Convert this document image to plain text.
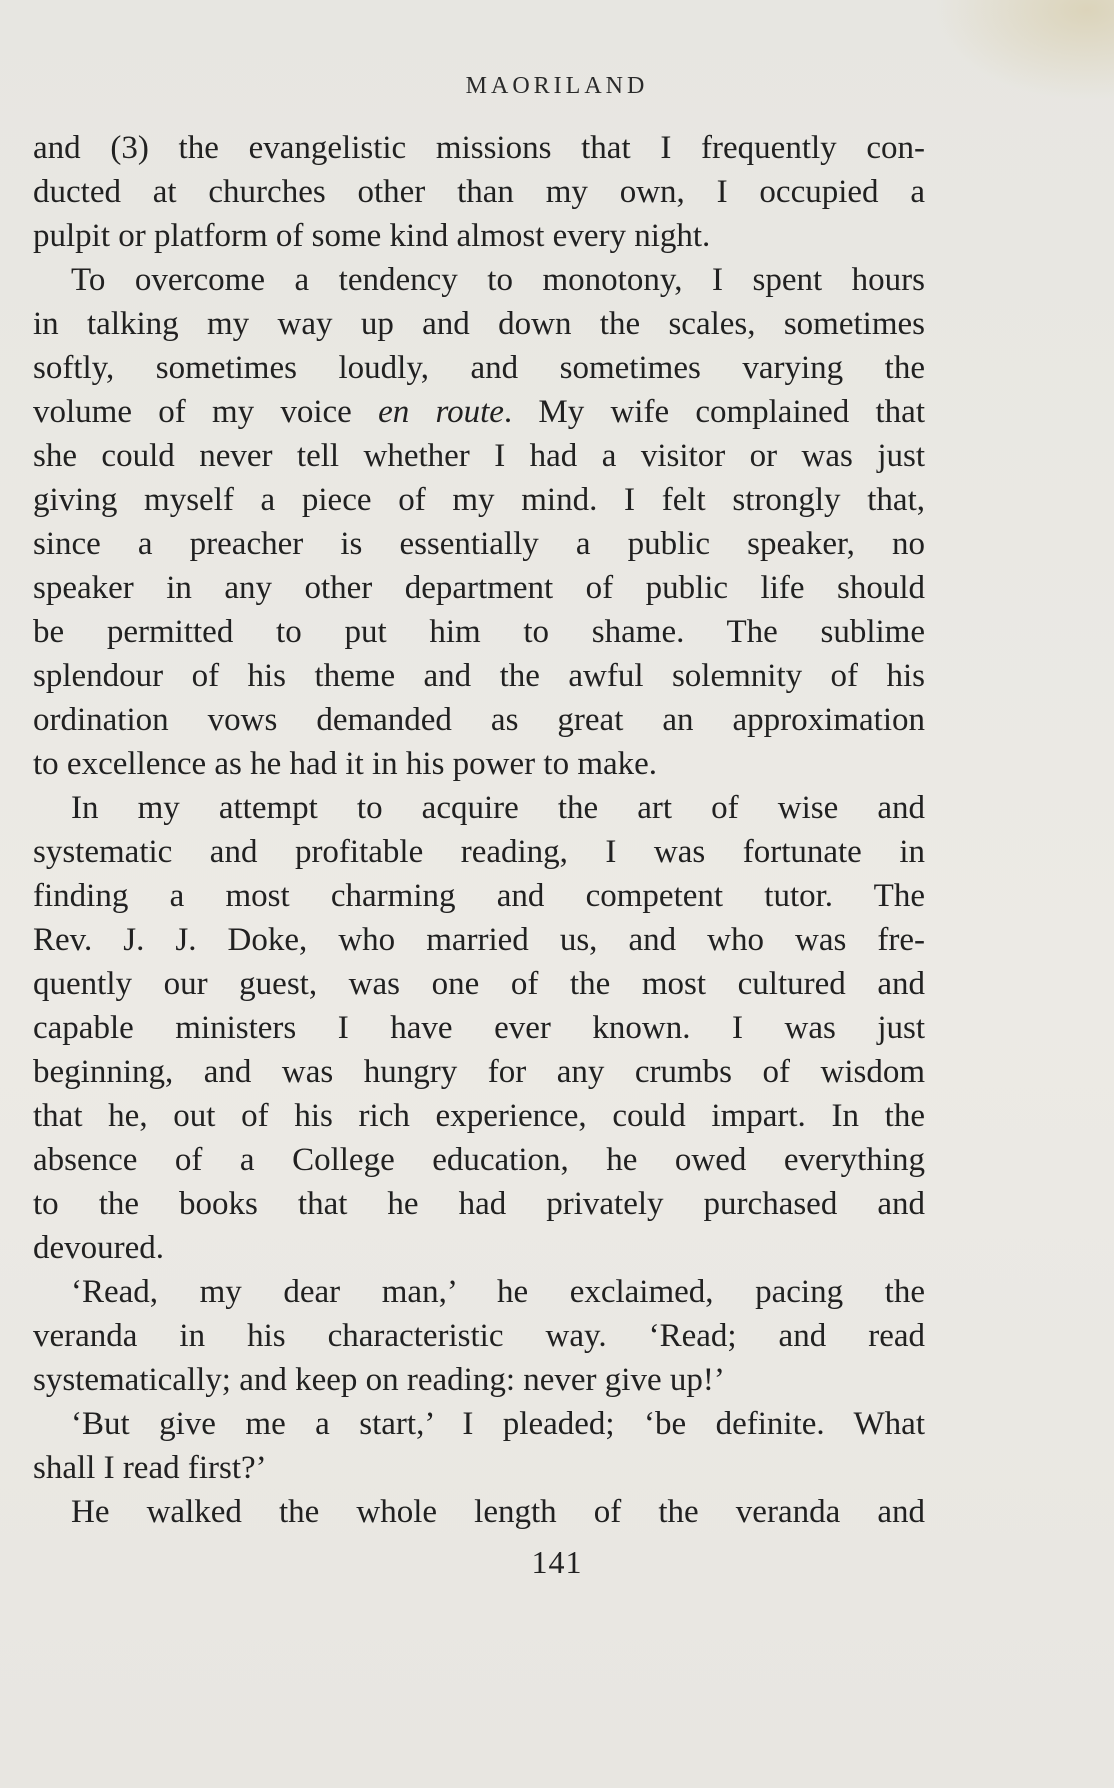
MAORILAND
and (3) the evangelistic missions that I frequently con-
ducted at churches other than my own, I occupied a
pulpit or platform of some kind almost every night.
To overcome a tendency to monotony, I spent hours
in talking my way up and down the scales, sometimes
softly, sometimes loudly, and sometimes varying the
volume of my voice en route. My wife complained that
she could never tell whether I had a visitor or was just
giving myself a piece of my mind. I felt strongly that,
since a preacher is essentially a public speaker, no
speaker in any other department of public life should
be permitted to put him to shame. The sublime
splendour of his theme and the awful solemnity of his
ordination vows demanded as great an approximation
to excellence as he had it in his power to make.
In my attempt to acquire the art of wise and
systematic and profitable reading, I was fortunate in
finding a most charming and competent tutor. The
Rev. J. J. Doke, who married us, and who was fre-
quently our guest, was one of the most cultured and
capable ministers I have ever known. I was just
beginning, and was hungry for any crumbs of wisdom
that he, out of his rich experience, could impart. In the
absence of a College education, he owed everything
to the books that he had privately purchased and
devoured.
‘Read, my dear man,’ he exclaimed, pacing the
veranda in his characteristic way. ‘Read; and read
systematically; and keep on reading: never give up!’
‘But give me a start,’ I pleaded; ‘be definite. What
shall I read first?’
He walked the whole length of the veranda and
141
